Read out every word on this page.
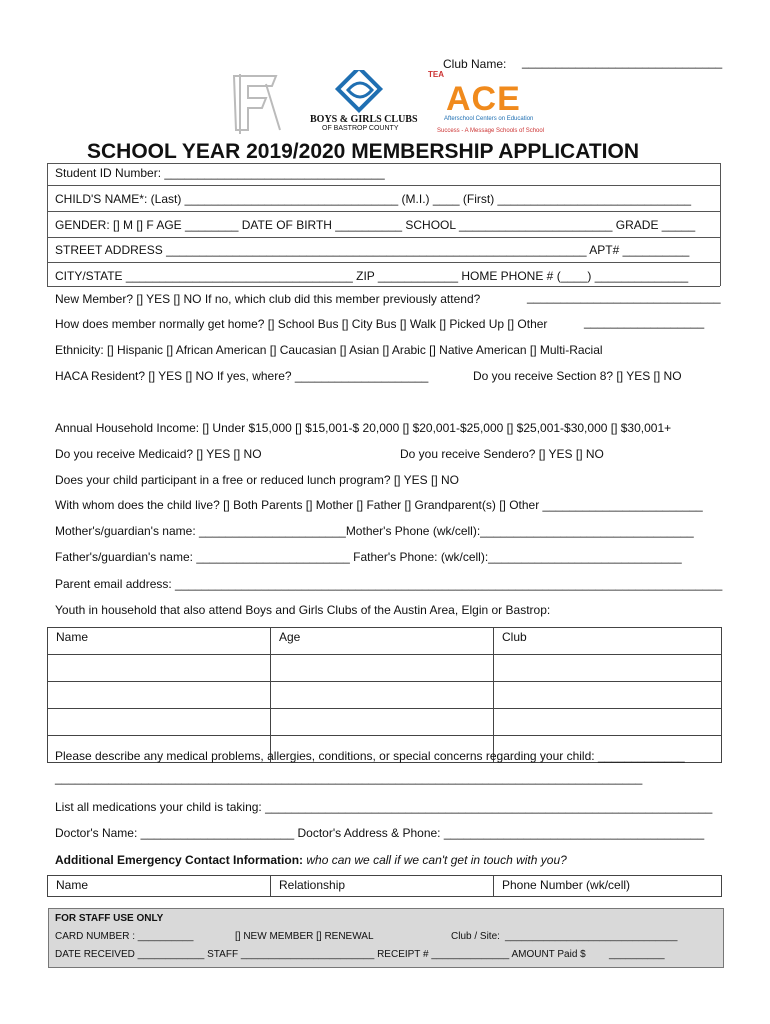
Club Name: ______________________________
BOYS & GIRLS CLUBS
OF BASTROP COUNTY
TEA
ACE
Afterschool Centers on Education
Success - A Message Schools of School
SCHOOL YEAR 2019/2020 MEMBERSHIP APPLICATION
Student ID Number: _________________________________
CHILD'S NAME*: (Last) ________________________________ (M.I.) ____ (First) _____________________________
GENDER: [] M [] F AGE ________ DATE OF BIRTH __________ SCHOOL _______________________ GRADE _____
STREET ADDRESS _______________________________________________________________ APT# __________
CITY/STATE __________________________________ ZIP ____________ HOME PHONE # (____) ______________
New Member? [] YES [] NO If no, which club did this member previously attend?	_____________________________
How does member normally get home? [] School Bus [] City Bus [] Walk [] Picked Up [] Other	__________________
Ethnicity: [] Hispanic [] African American [] Caucasian [] Asian [] Arabic [] Native American [] Multi-Racial
HACA Resident? [] YES [] NO If yes, where? ____________________	Do you receive Section 8? [] YES [] NO
Annual Household Income: [] Under $15,000 [] $15,001-$ 20,000 [] $20,001-$25,000 [] $25,001-$30,000 [] $30,001+
Do you receive Medicaid? [] YES [] NO	Do you receive Sendero? [] YES [] NO
Does your child participant in a free or reduced lunch program? [] YES [] NO
With whom does the child live? [] Both Parents [] Mother [] Father [] Grandparent(s) [] Other ________________________
Mother's/guardian's name: ______________________Mother's Phone (wk/cell):________________________________
Father's/guardian's name: _______________________ Father's Phone: (wk/cell):_____________________________
Parent email address: __________________________________________________________________________________
Youth in household that also attend Boys and Girls Clubs of the Austin Area, Elgin or Bastrop:
Name	Age	Club

Please describe any medical problems, allergies, conditions, or special concerns regarding your child: _____________
________________________________________________________________________________________
List all medications your child is taking: ___________________________________________________________________
Doctor's Name: _______________________ Doctor's Address & Phone: _______________________________________
Additional Emergency Contact Information: who can we call if we can't get in touch with you?
Name	Relationship	Phone Number (wk/cell)
FOR STAFF USE ONLY
CARD NUMBER : __________	[] NEW MEMBER [] RENEWAL	Club / Site: _______________________________
DATE RECEIVED ____________ STAFF ________________________ RECEIPT # ______________ AMOUNT Paid $ __________
